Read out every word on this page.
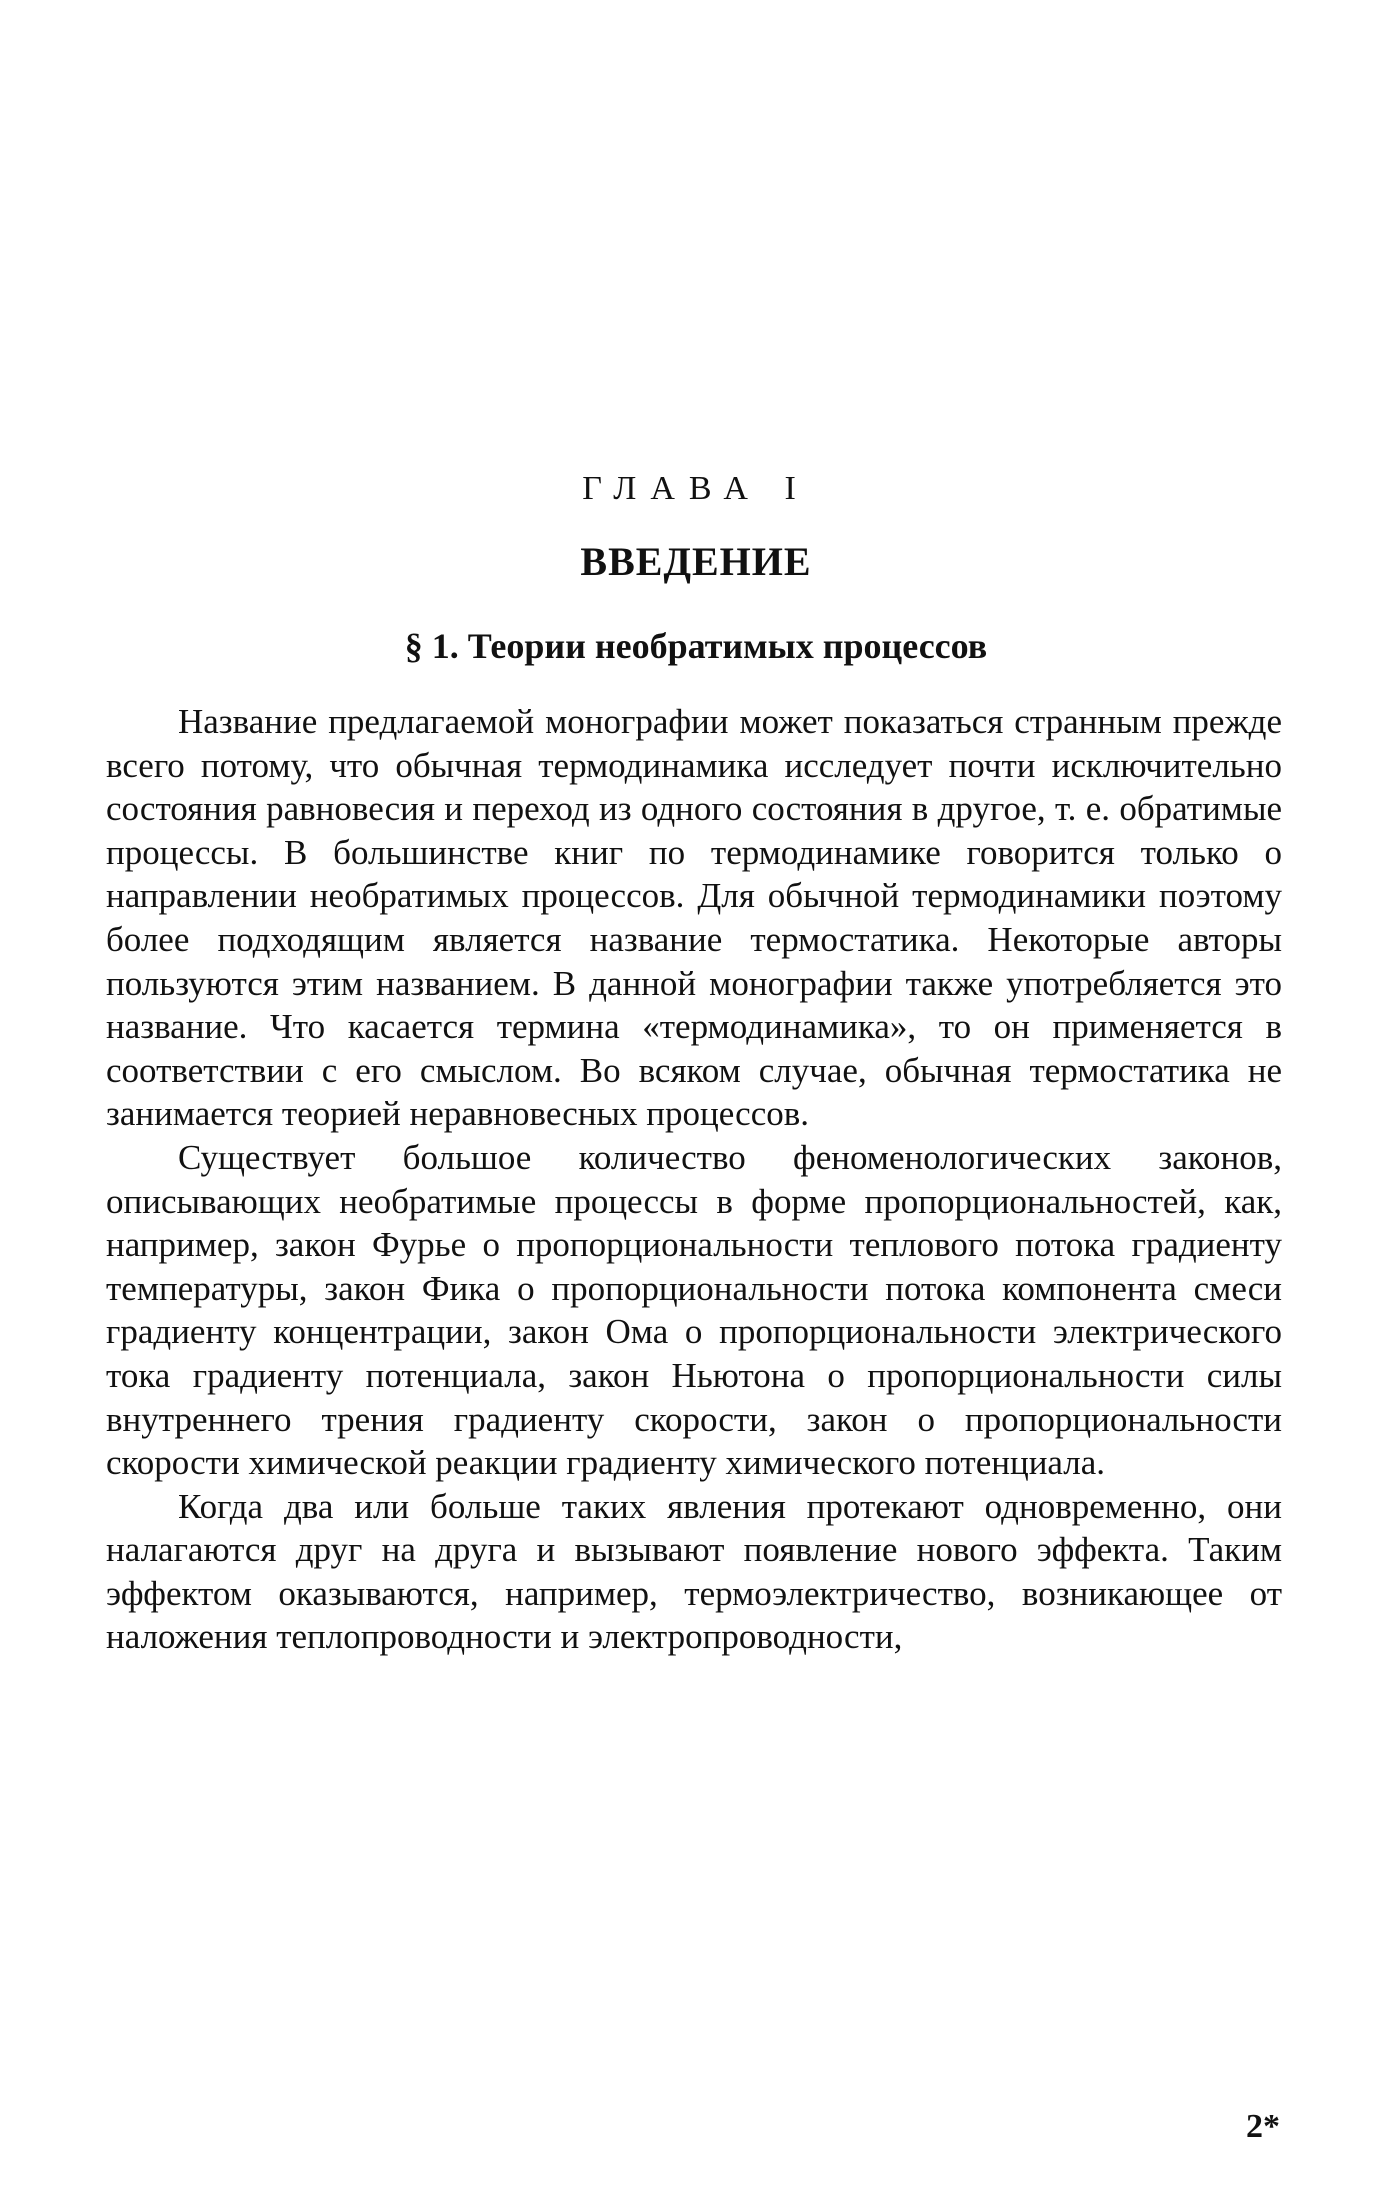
ГЛАВА I
ВВЕДЕНИЕ
§ 1. Теории необратимых процессов

Название предлагаемой монографии может показаться странным прежде всего потому, что обычная термодинамика исследует почти исключительно состояния равновесия и переход из одного состояния в другое, т. е. обратимые процессы. В большинстве книг по термодинамике говорится только о направлении необратимых процессов. Для обычной термодинамики поэтому более подходящим является название термостатика. Некоторые авторы пользуются этим названием. В данной монографии также употребляется это название. Что касается термина «термодинамика», то он применяется в соответствии с его смыслом. Во всяком случае, обычная термостатика не занимается теорией неравновесных процессов.

Существует большое количество феноменологических законов, описывающих необратимые процессы в форме пропорциональностей, как, например, закон Фурье о пропорциональности теплового потока градиенту температуры, закон Фика о пропорциональности потока компонента смеси градиенту концентрации, закон Ома о пропорциональности электрического тока градиенту потенциала, закон Ньютона о пропорциональности силы внутреннего трения градиенту скорости, закон о пропорциональности скорости химической реакции градиенту химического потенциала.

Когда два или больше таких явления протекают одновременно, они налагаются друг на друга и вызывают появление нового эффекта. Таким эффектом оказываются, например, термоэлектричество, возникающее от наложения теплопроводности и электропроводности,

2*
